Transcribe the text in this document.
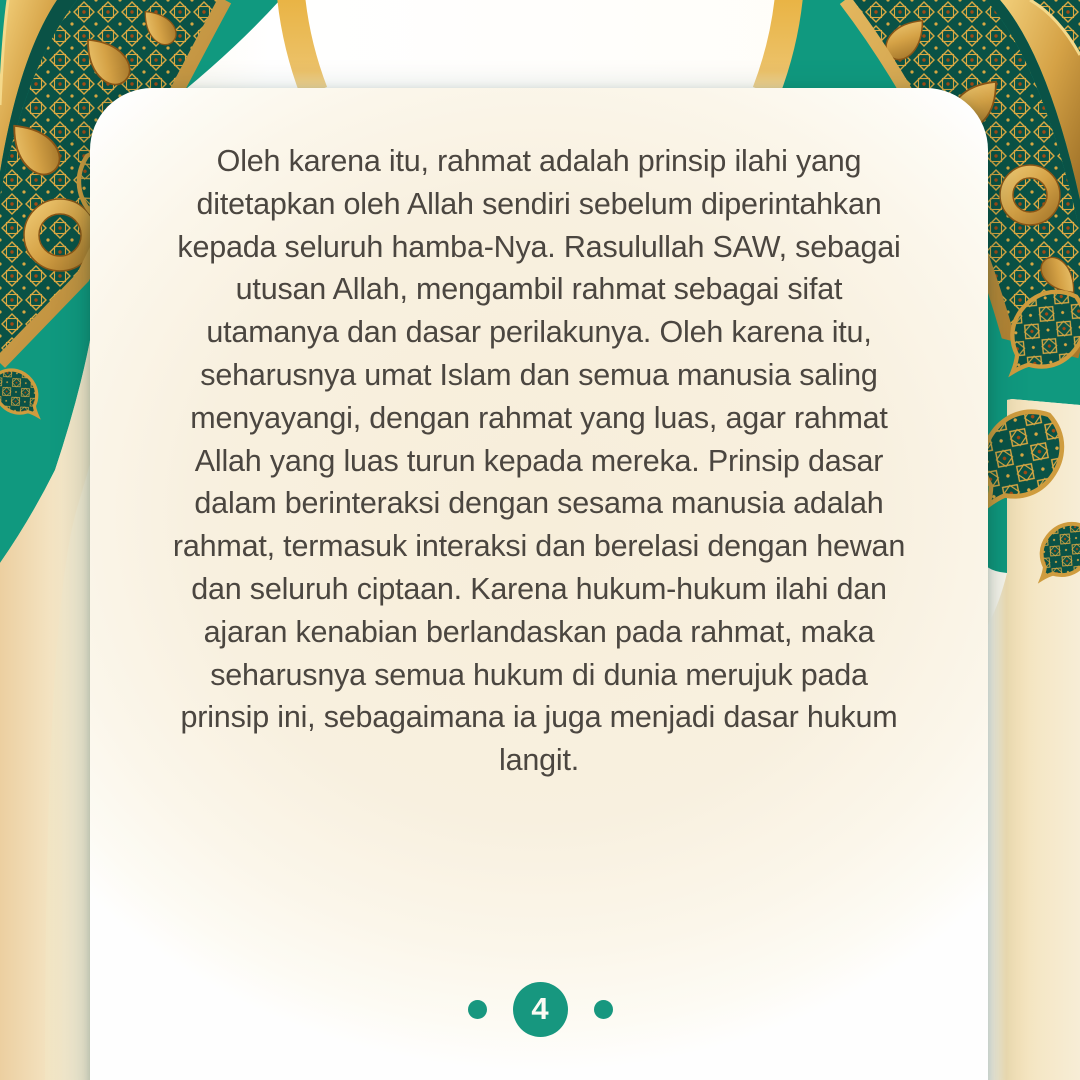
Oleh karena itu, rahmat adalah prinsip ilahi yang
ditetapkan oleh Allah sendiri sebelum diperintahkan
kepada seluruh hamba-Nya. Rasulullah SAW, sebagai
utusan Allah, mengambil rahmat sebagai sifat
utamanya dan dasar perilakunya. Oleh karena itu,
seharusnya umat Islam dan semua manusia saling
menyayangi, dengan rahmat yang luas, agar rahmat
Allah yang luas turun kepada mereka. Prinsip dasar
dalam berinteraksi dengan sesama manusia adalah
rahmat, termasuk interaksi dan berelasi dengan hewan
dan seluruh ciptaan. Karena hukum-hukum ilahi dan
ajaran kenabian berlandaskan pada rahmat, maka
seharusnya semua hukum di dunia merujuk pada
prinsip ini, sebagaimana ia juga menjadi dasar hukum
langit.
4
